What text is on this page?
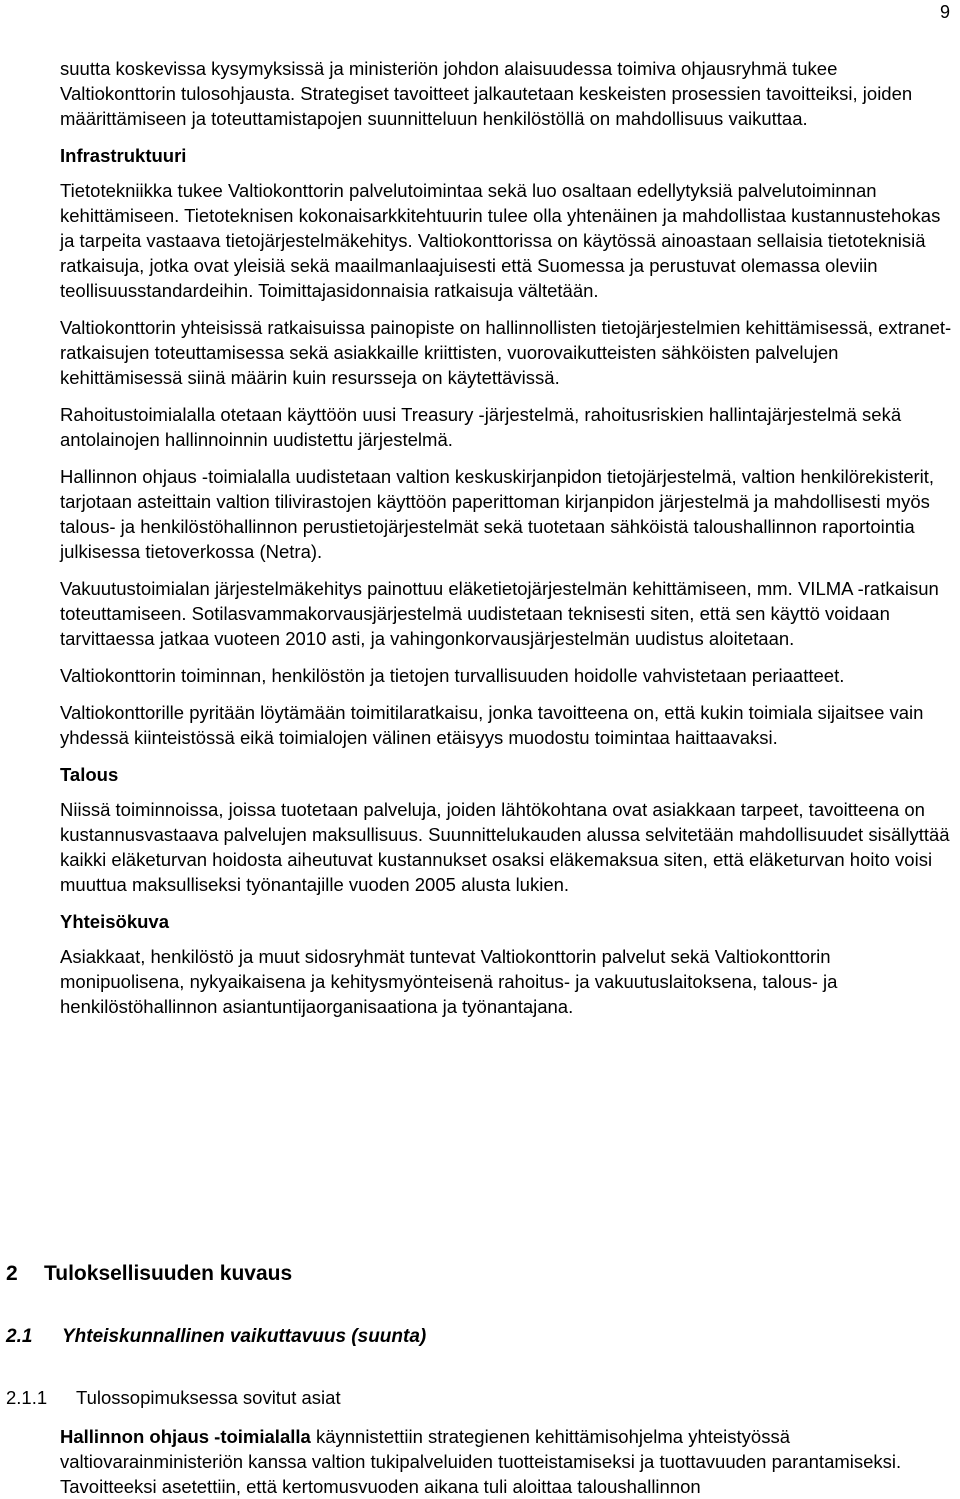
9

suutta koskevissa kysymyksissä ja ministeriön johdon alaisuudessa toimiva ohjausryhmä tukee Valtiokonttorin tulosohjausta. Strategiset tavoitteet jalkautetaan keskeisten prosessien tavoitteiksi, joiden määrittämiseen ja toteuttamistapojen suunnitteluun henkilöstöllä on mahdollisuus vaikuttaa.

Infrastruktuuri

Tietotekniikka tukee Valtiokonttorin palvelutoimintaa sekä luo osaltaan edellytyksiä palvelutoiminnan kehittämiseen. Tietoteknisen kokonaisarkkitehtuurin tulee olla yhtenäinen ja mahdollistaa kustannustehokas ja tarpeita vastaava tietojärjestelmäkehitys. Valtiokonttorissa on käytössä ainoastaan sellaisia tietoteknisiä ratkaisuja, jotka ovat yleisiä sekä maailmanlaajuisesti että Suomessa ja perustuvat olemassa oleviin teollisuusstandardeihin. Toimittajasidonnaisia ratkaisuja vältetään.

Valtiokonttorin yhteisissä ratkaisuissa painopiste on hallinnollisten tietojärjestelmien kehittämisessä, extranet-ratkaisujen toteuttamisessa sekä asiakkaille kriittisten, vuorovaikutteisten sähköisten palvelujen kehittämisessä siinä määrin kuin resursseja on käytettävissä.

Rahoitustoimialalla otetaan käyttöön uusi Treasury -järjestelmä, rahoitusriskien hallintajärjestelmä sekä antolainojen hallinnoinnin uudistettu järjestelmä.

Hallinnon ohjaus -toimialalla uudistetaan valtion keskuskirjanpidon tietojärjestelmä, valtion henkilörekisterit, tarjotaan asteittain valtion tilivirastojen käyttöön paperittoman kirjanpidon järjestelmä ja mahdollisesti myös talous- ja henkilöstöhallinnon perustietojärjestelmät sekä tuotetaan sähköistä taloushallinnon raportointia julkisessa tietoverkossa (Netra).

Vakuutustoimialan järjestelmäkehitys painottuu eläketietojärjestelmän kehittämiseen, mm. VILMA -ratkaisun toteuttamiseen. Sotilasvammakorvausjärjestelmä uudistetaan teknisesti siten, että sen käyttö voidaan tarvittaessa jatkaa vuoteen 2010 asti, ja vahingonkorvausjärjestelmän uudistus aloitetaan.

Valtiokonttorin toiminnan, henkilöstön ja tietojen turvallisuuden hoidolle vahvistetaan periaatteet.

Valtiokonttorille pyritään löytämään toimitilaratkaisu, jonka tavoitteena on, että kukin toimiala sijaitsee vain yhdessä kiinteistössä eikä toimialojen välinen etäisyys muodostu toimintaa haittaavaksi.

Talous

Niissä toiminnoissa, joissa tuotetaan palveluja, joiden lähtökohtana ovat asiakkaan tarpeet, tavoitteena on kustannusvastaava palvelujen maksullisuus. Suunnittelukauden alussa selvitetään mahdollisuudet sisällyttää kaikki eläketurvan hoidosta aiheutuvat kustannukset osaksi eläkemaksua siten, että eläketurvan hoito voisi muuttua maksulliseksi työnantajille vuoden 2005 alusta lukien.

Yhteisökuva

Asiakkaat, henkilöstö ja muut sidosryhmät tuntevat Valtiokonttorin palvelut sekä Valtiokonttorin monipuolisena, nykyaikaisena ja kehitysmyönteisenä rahoitus- ja vakuutuslaitoksena, talous- ja henkilöstöhallinnon asiantuntijaorganisaationa ja työnantajana.

2 Tuloksellisuuden kuvaus
2.1 Yhteiskunnallinen vaikuttavuus (suunta)
2.1.1 Tulossopimuksessa sovitut asiat

Hallinnon ohjaus -toimialalla käynnistettiin strategienen kehittämisohjelma yhteistyössä valtiovarainministeriön kanssa valtion tukipalveluiden tuotteistamiseksi ja tuottavuuden parantamiseksi. Tavoitteeksi asetettiin, että kertomusvuoden aikana tuli aloittaa taloushallinnon
